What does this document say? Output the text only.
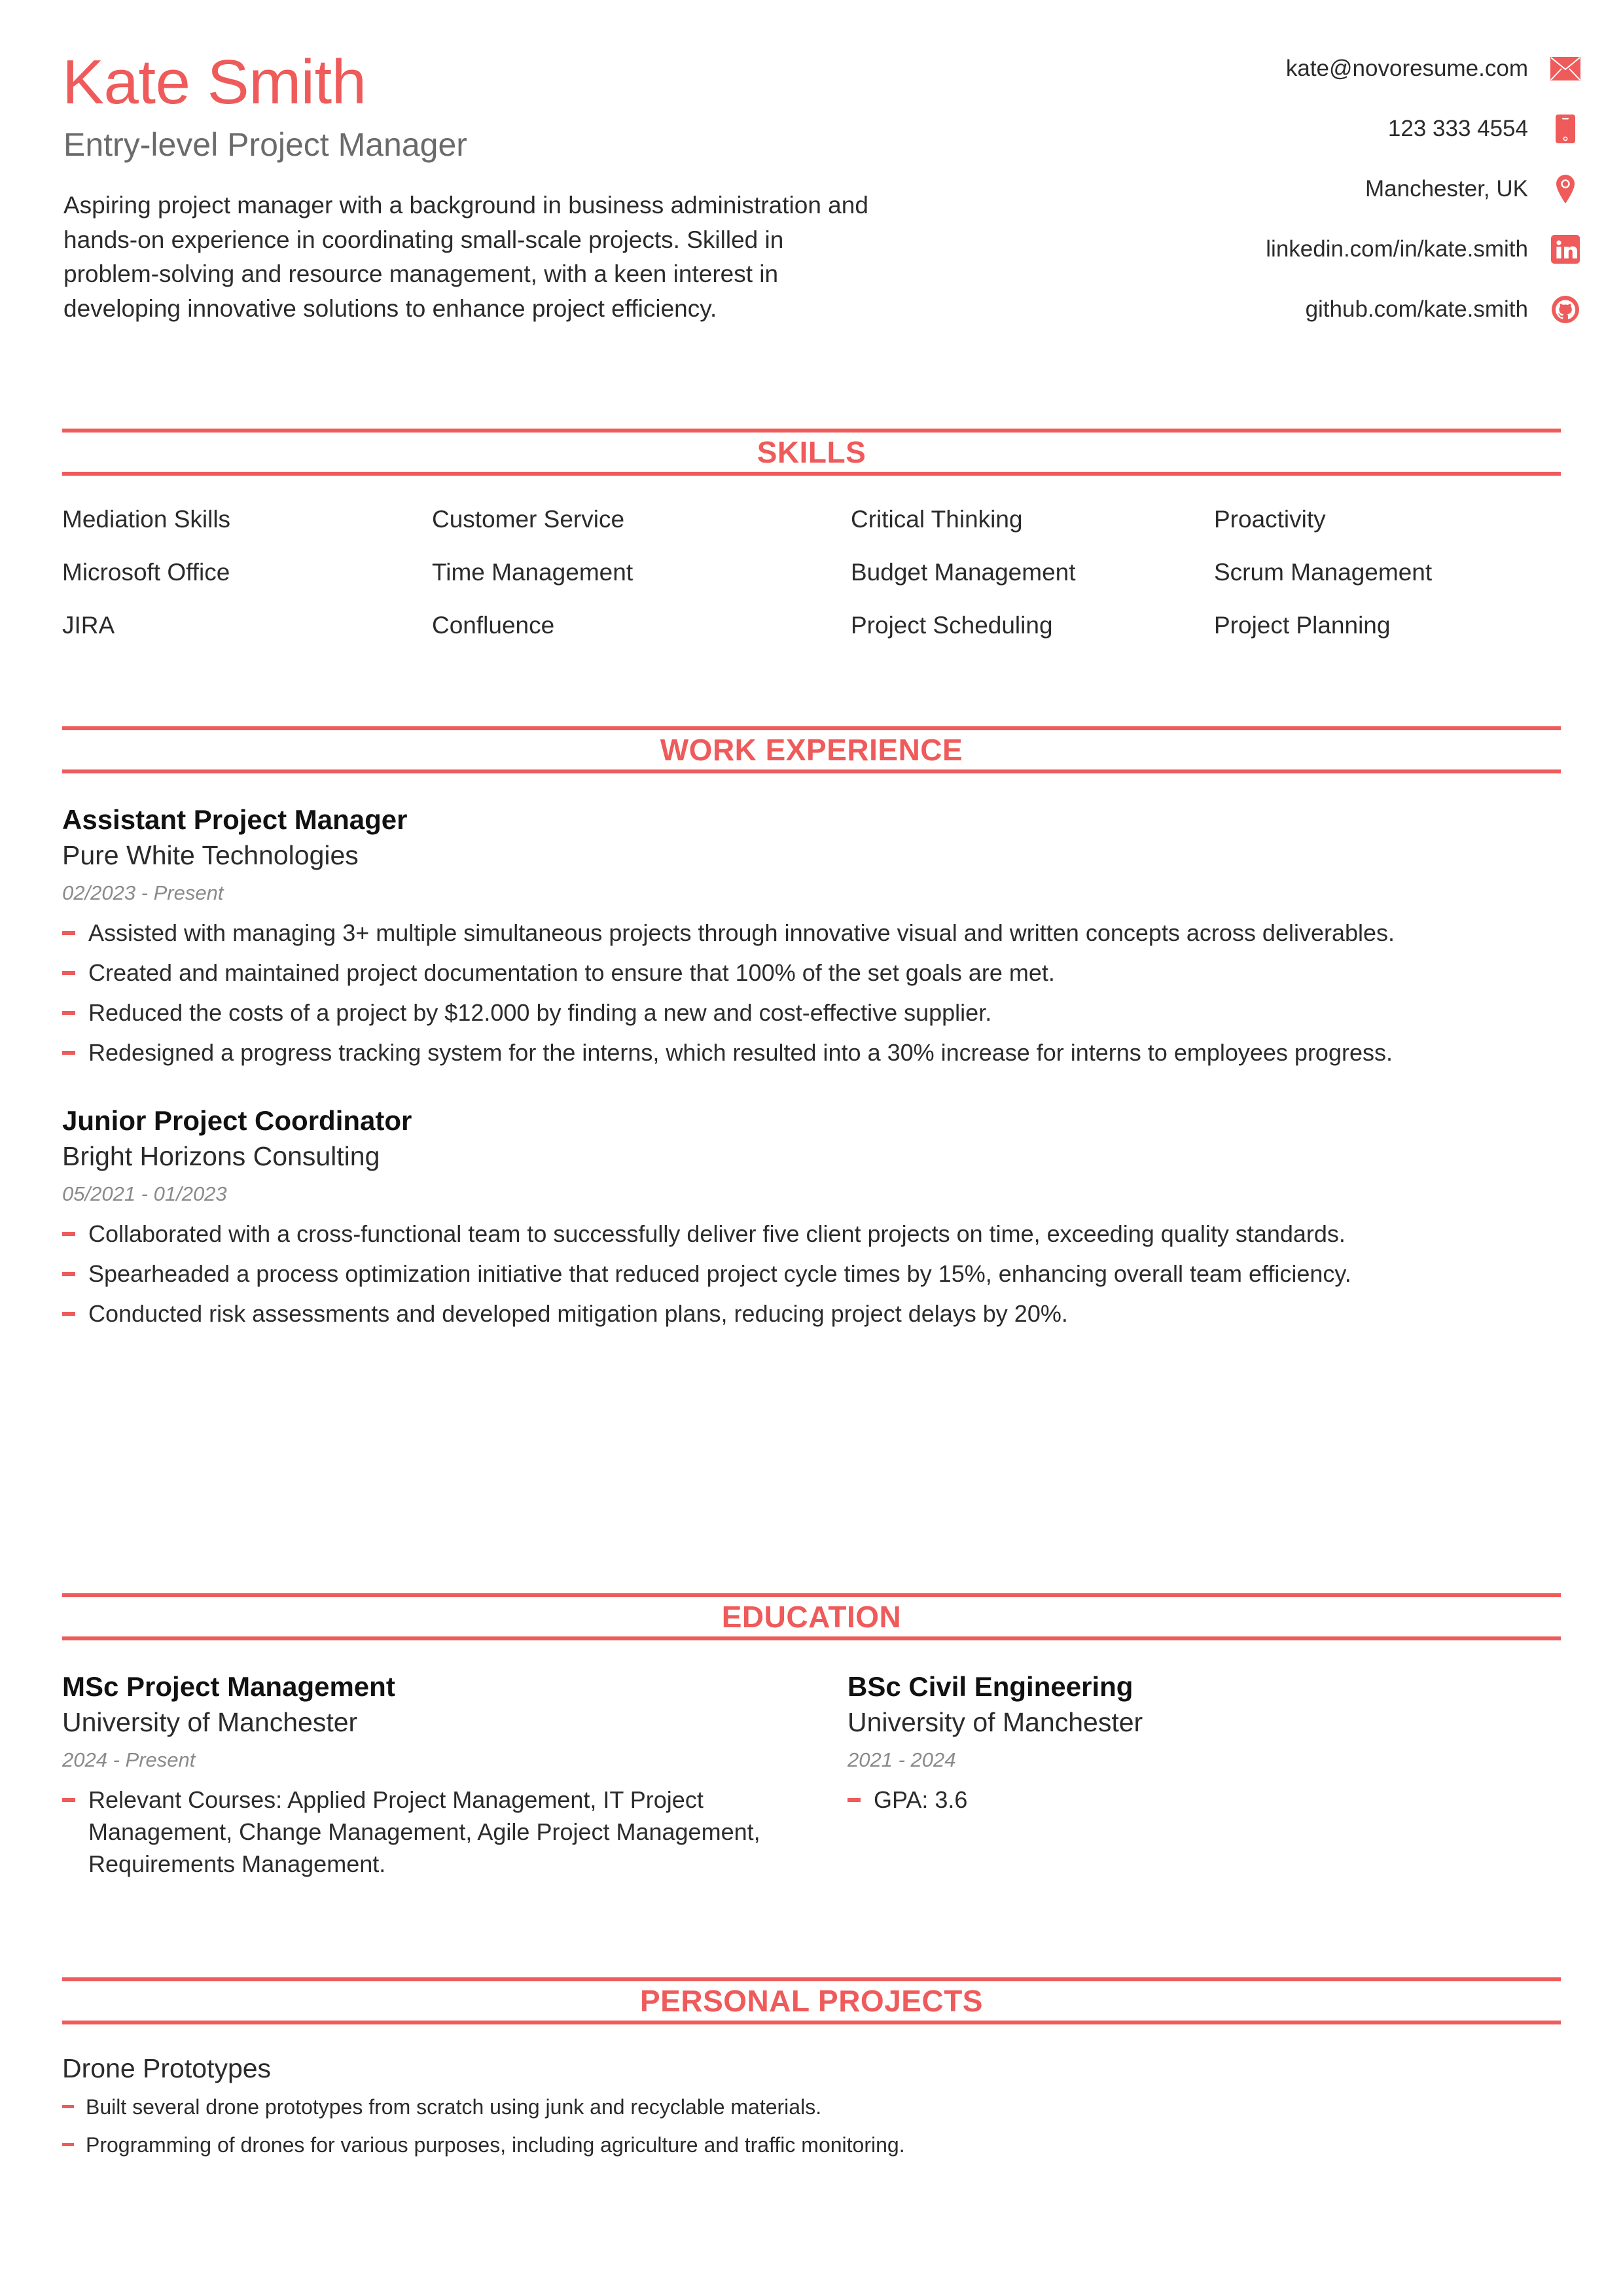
Kate Smith
Entry-level Project Manager
Aspiring project manager with a background in business administration and hands-on experience in coordinating small-scale projects. Skilled in problem-solving and resource management, with a keen interest in developing innovative solutions to enhance project efficiency.
kate@novoresume.com
123 333 4554
Manchester, UK
linkedin.com/in/kate.smith
github.com/kate.smith
SKILLS
Mediation Skills	Customer Service	Critical Thinking	Proactivity
Microsoft Office	Time Management	Budget Management	Scrum Management
JIRA	Confluence	Project Scheduling	Project Planning
WORK EXPERIENCE
Assistant Project Manager
Pure White Technologies
02/2023 - Present
Assisted with managing 3+ multiple simultaneous projects through innovative visual and written concepts across deliverables.
Created and maintained project documentation to ensure that 100% of the set goals are met.
Reduced the costs of a project by $12.000 by finding a new and cost-effective supplier.
Redesigned a progress tracking system for the interns, which resulted into a 30% increase for interns to employees progress.
Junior Project Coordinator
Bright Horizons Consulting
05/2021 - 01/2023
Collaborated with a cross-functional team to successfully deliver five client projects on time, exceeding quality standards.
Spearheaded a process optimization initiative that reduced project cycle times by 15%, enhancing overall team efficiency.
Conducted risk assessments and developed mitigation plans, reducing project delays by 20%.
EDUCATION
MSc Project Management
University of Manchester
2024 - Present
Relevant Courses: Applied Project Management, IT Project Management, Change Management, Agile Project Management, Requirements Management.
BSc Civil Engineering
University of Manchester
2021 - 2024
GPA: 3.6
PERSONAL PROJECTS
Drone Prototypes
Built several drone prototypes from scratch using junk and recyclable materials.
Programming of drones for various purposes, including agriculture and traffic monitoring.
